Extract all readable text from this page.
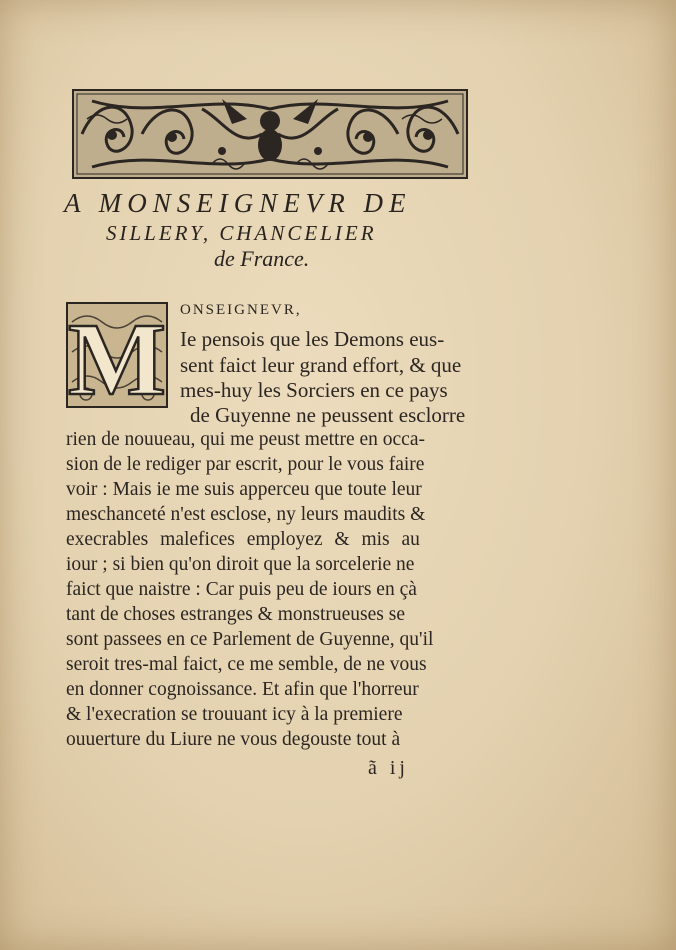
A MONSEIGNEVR DE
SILLERY, CHANCELIER
de France.
M ONSEIGNEVR,
Ie pensois que les Demons eus-
sent faict leur grand effort, & que
mes-huy les Sorciers en ce pays
de Guyenne ne peussent esclorre
rien de nouueau, qui me peust mettre en occa-
sion de le rediger par escrit, pour le vous faire
voir : Mais ie me suis apperceu que toute leur
meschanceté n'est esclose, ny leurs maudits &
execrables malefices employez & mis au
iour ; si bien qu'on diroit que la sorcelerie ne
faict que naistre : Car puis peu de iours en çà
tant de choses estranges & monstrueuses se
sont passees en ce Parlement de Guyenne, qu'il
seroit tres-mal faict, ce me semble, de ne vous
en donner cognoissance. Et afin que l'horreur
& l'execration se trouuant icy à la premiere
ouuerture du Liure ne vous degouste tout à
ã ij
